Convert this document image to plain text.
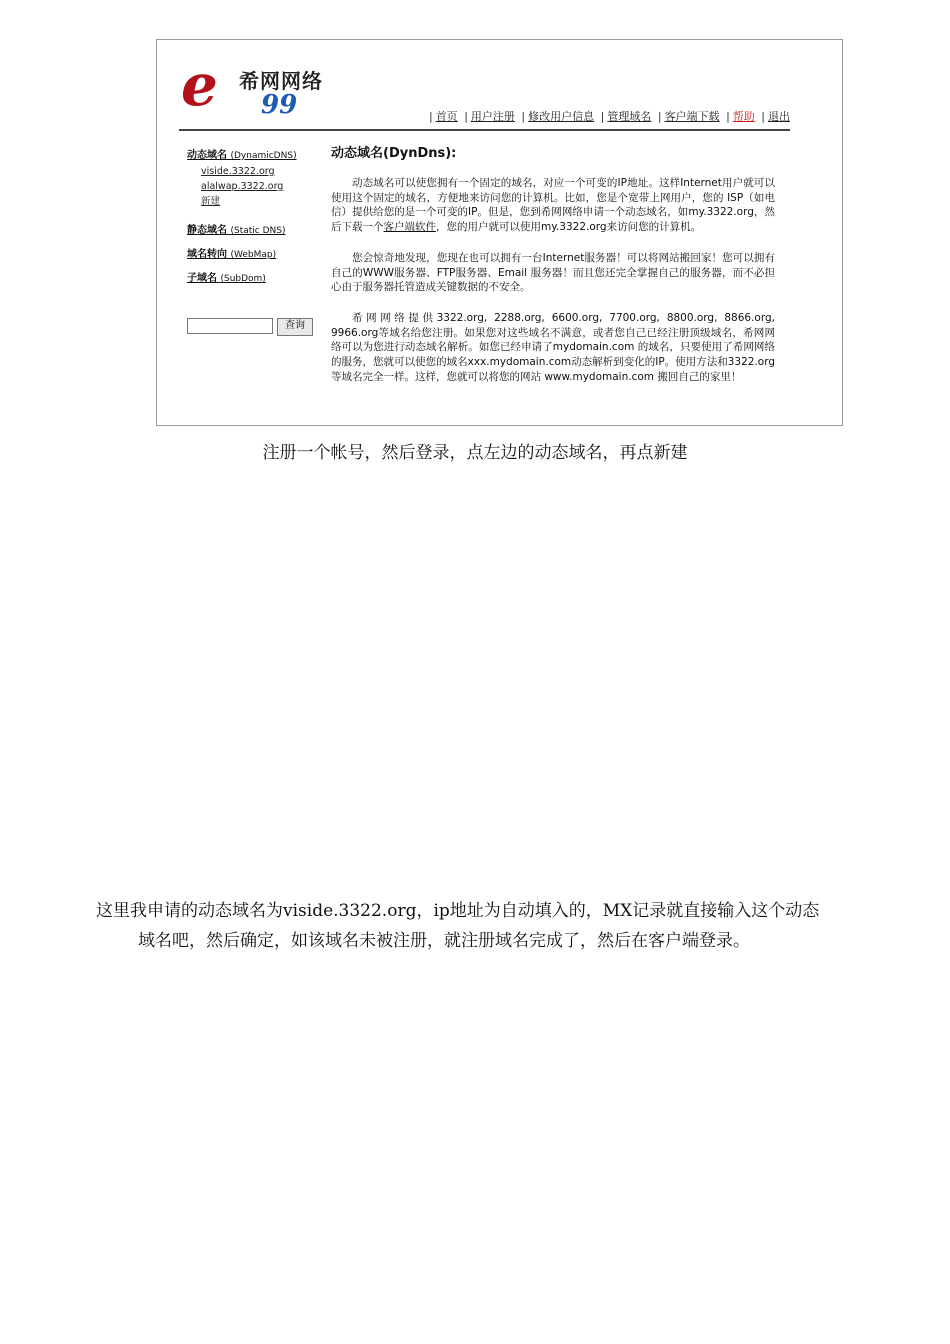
e 希网网络
99	| 首页 | 用户注册 | 修改用户信息 | 管理域名 | 客户端下载 | 帮助 | 退出
动态域名 (DynamicDNS)
viside.3322.org
alalwap.3322.org
新建
静态域名 (Static DNS)
域名转向 (WebMap)
子域名 (SubDom)
查询
动态域名(DynDns):

动态域名可以使您拥有一个固定的域名，对应一个可变的IP地址。这样Internet用户就可以使用这个固定的域名，方便地来访问您的计算机。比如，您是个宽带上网用户，您的 ISP（如电信）提供给您的是一个可变的IP。但是，您到希网网络申请一个动态域名，如my.3322.org，然后下载一个客户端软件，您的用户就可以使用my.3322.org来访问您的计算机。

您会惊奇地发现，您现在也可以拥有一台Internet服务器！可以将网站搬回家！您可以拥有自己的WWW服务器、FTP服务器、Email 服务器！而且您还完全掌握自己的服务器，而不必担心由于服务器托管造成关键数据的不安全。

希网网络提供3322.org, 2288.org, 6600.org, 7700.org, 8800.org, 8866.org, 9966.org等域名给您注册。如果您对这些域名不满意，或者您自己已经注册顶级域名，希网网络可以为您进行动态域名解析。如您已经申请了mydomain.com 的域名，只要使用了希网网络的服务，您就可以使您的域名xxx.mydomain.com动态解析到变化的IP。使用方法和3322.org等域名完全一样。这样，您就可以将您的网站 www.mydomain.com 搬回自己的家里！

注册一个帐号，然后登录，点左边的动态域名，再点新建
这里我申请的动态域名为viside.3322.org，ip地址为自动填入的，MX记录就直接输入这个动态
域名吧，然后确定，如该域名未被注册，就注册域名完成了，然后在客户端登录。
